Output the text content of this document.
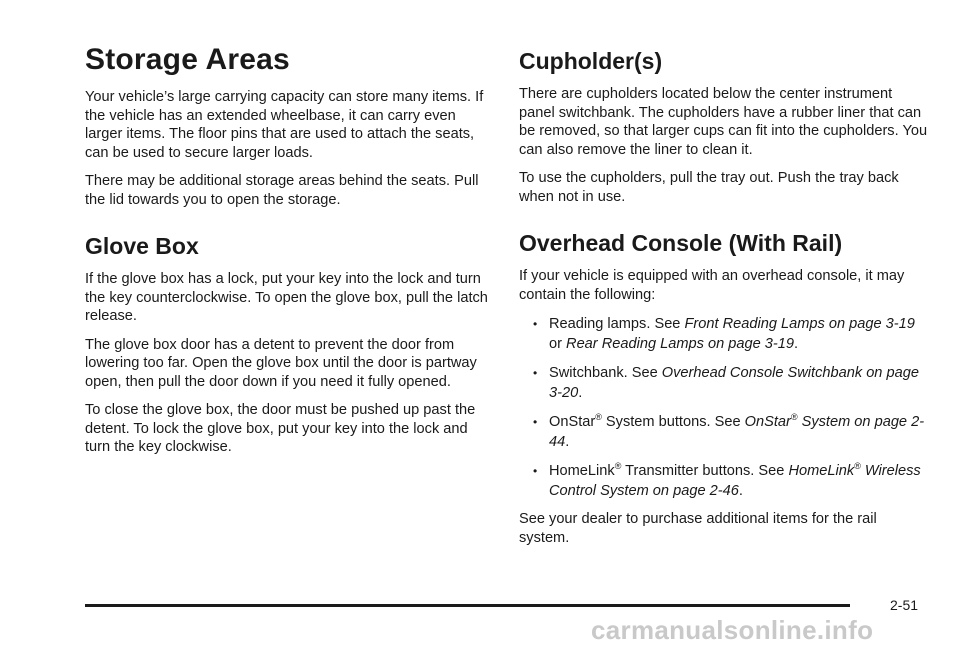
Storage Areas

Your vehicle’s large carrying capacity can store many items. If the vehicle has an extended wheelbase, it can carry even larger items. The floor pins that are used to attach the seats, can be used to secure larger loads.

There may be additional storage areas behind the seats. Pull the lid towards you to open the storage.

Glove Box

If the glove box has a lock, put your key into the lock and turn the key counterclockwise. To open the glove box, pull the latch release.

The glove box door has a detent to prevent the door from lowering too far. Open the glove box until the door is partway open, then pull the door down if you need it fully opened.

To close the glove box, the door must be pushed up past the detent. To lock the glove box, put your key into the lock and turn the key clockwise.

Cupholder(s)

There are cupholders located below the center instrument panel switchbank. The cupholders have a rubber liner that can be removed, so that larger cups can fit into the cupholders. You can also remove the liner to clean it.

To use the cupholders, pull the tray out. Push the tray back when not in use.

Overhead Console (With Rail)

If your vehicle is equipped with an overhead console, it may contain the following:

• Reading lamps. See Front Reading Lamps on page 3-19 or Rear Reading Lamps on page 3-19.
• Switchbank. See Overhead Console Switchbank on page 3-20.
• OnStar® System buttons. See OnStar® System on page 2-44.
• HomeLink® Transmitter buttons. See HomeLink® Wireless Control System on page 2-46.

See your dealer to purchase additional items for the rail system.

2-51
carmanualsonline.info
